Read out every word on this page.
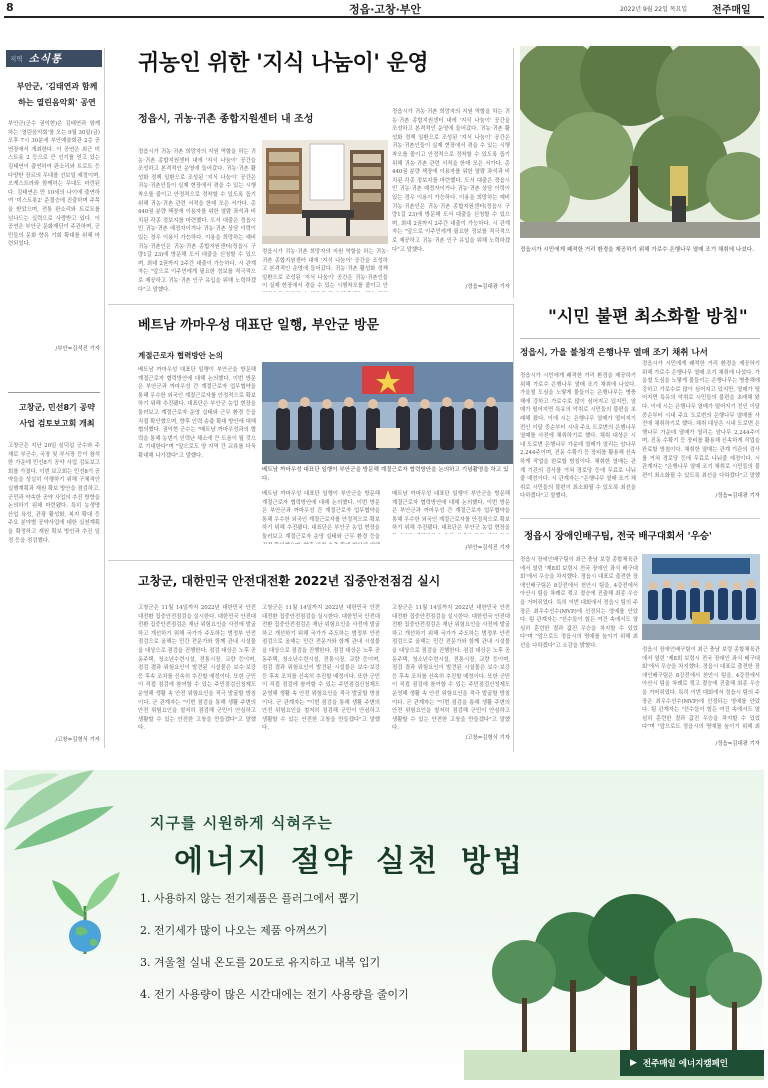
8	정읍·고창·부안	2022년 9월 22일 목요일 전주매일
지역 소식통
부안군, '김태연과 함께 하는 열린음악회' 공연
부안군(군수 권익현)은 김태연과 함께하는 '열린음악회'를 오는 9월 30일(금) 오후 7시 30분에 부안예술회관 2층 공연장에서 개최한다. 이 공연은 최근 미스트롯 2 등으로 큰 인기를 얻고 있는 김태연이 출연하여 판소리와 트로트 등 다양한 장르의 무대를 선보일 예정이며, 오케스트라와 함께하는 무대도 마련된다. 김태연은 만 10세의 나이에 출연하여 '미스트롯2' 준결승에 진출하며 주목을 받았으며, 전통 판소리와 트로트를 넘나드는 실력으로 사랑받고 있다. 이 공연은 부안군 문화재단이 주관하며, 군민들의 문화 향유 기회 확대를 위해 마련되었다.
/부안=김석진 기자
고창군, 민선8기 공약 사업 검토보고회 개최
고창군은 지난 20일 심덕섭 군수와 주재로 부군수, 국장 및 부서장 등이 참석한 가운데 민선8기 공약 사업 검토보고회를 가졌다. 이번 보고회는 민선8기 공약들을 성실히 이행하기 위해 구체적인 실행계획과 재원 확보 방안을 점검하고, 군민과 약속한 공약 사업의 추진 방향을 논의하기 위해 마련됐다. 특히 농생명 산업 육성, 관광 활성화, 복지 확대 등 주요 분야별 공약사업에 대한 실천계획을 확정하고 재원 확보 방안과 추진 일정 등을 점검했다.
/고창=김형식 기자
귀농인 위한 '지식 나눔이' 운영
정읍시, 귀농·귀촌 종합지원센터 내 조성
정읍시가 귀농·귀촌 희망자의 지원 역할을 하는 귀농·귀촌 종합지원센터 내에 '지식 나눔이' 공간을 조성하고 본격적인 운영에 들어갔다. 귀농·귀촌 활성화 정책 일환으로 조성된 '지식 나눔이' 공간은 귀농·귀촌인들이 실제 현장에서 겪을 수 있는 시행착오를 줄이고 안정적으로 정착할 수 있도록 돕기 위해 귀농·귀촌 관련 서적을 한데 모은 서가다. 총 440권 분량 책장에 이용자를 위한 열람 좌석과 비치된 각종 정보지를 마련했다. 도서 대출은 정읍시민 귀농·귀촌 예정자이거나 귀농·귀촌 상담 이력이 있는 경우 이용이 가능하다. 이용을 희망하는 예비귀농·귀촌인은 귀농·귀촌 종합지원센터(정읍시 구량1길 23)에 방문해 도서 대출을 신청할 수 있으며, 최대 2권까지 2주간 대출이 가능하다. 시 관계자는 "앞으로 이주민에게 필요한 정보를 적극적으로 제공하고 귀농·귀촌 인구 유입을 위해 노력하겠다"고 말했다.
정읍시가 귀농·귀촌 희망자의 지원 역할을 하는 귀농·귀촌 종합지원센터 내에 '지식 나눔이' 공간을 조성하고 본격적인 운영에 들어갔다. 귀농·귀촌 활성화 정책 일환으로 조성된 '지식 나눔이' 공간은 귀농·귀촌인들이 실제 현장에서 겪을 수 있는 시행착오를 줄이고 안
정읍시가 귀농·귀촌 희망자의 지원 역할을 하는 귀농·귀촌 종합지원센터 내에 '지식 나눔이' 공간을 조성하고 본격적인 운영에 들어갔다. 귀농·귀촌 활성화 정책 일환으로 조성된 '지식 나눔이' 공간은 귀농·귀촌인들이 실제 현장에서 겪을 수 있는 시행착오를 줄이고 안정적으로 정착할 수 있도록 돕기 위해 귀농·귀촌 관련 서적을 한데 모은 서가다. 총 440권 분량 책장에 이용자를 위한 열람 좌석과 비치된 각종 정보지를 마련했다. 도서 대출은 정읍시민 귀농·귀촌 예정자이거나 귀농·귀촌 상담 이력이 있는 경우 이용이 가능하다. 이용을 희망하는 예비귀농·귀촌인은 귀농·귀촌 종합지원센터(정읍시 구량1길 23)에 방문해 도서 대출을 신청할 수 있으며, 최대 2권까지 2주간 대출이 가능하다. 시 관계자는 "앞으로 이주민에게 필요한 정보를 적극적으로 제공하고 귀농·귀촌 인구 유입을 위해 노력하겠다"고 말했다.
/정읍=김대광 기자
정읍시가 시민에게 쾌적한 거리 환경을 제공하기 위해 가로수 은행나무 열매 조기 채취에 나섰다.
"시민 불편 최소화할 방침"
정읍시, 가을 불청객 은행나무 열매 조기 채취 나서
정읍시가 시민에게 쾌적한 거리 환경을 제공하기 위해 가로수 은행나무 열매 조기 채취에 나섰다. 가을철 도심을 노랗게 물들이는 은행나무는 병충해에 강하고 가로수로 많이 심어지고 있지만, 열매가 떨어지면 특유의 악취로 시민들의 불편을 초래해 왔다. 이에 시는 은행나무 열매가 떨어지기 전인 이달 중순부터 시내 주요 도로변의 은행나무 열매를 사전에 채취하기로 했다. 채취 대상은 시내 도로변 은행나무 가운데 열매가 열리는 암나무 2,244주이며, 진동 수확기 등 장비를 활용해 신속하게 작업을 완료할 방침이다. 채취한 열매는 관계 기관의 검사를 거쳐 경로당 등에 무료로 나눠줄 예정이다. 시 관계자는 "은행나무 열매 조기 채취로 시민들의 불편이 최소화될 수 있도록 최선을 다하겠다"고 말했다.
정읍시가 시민에게 쾌적한 거리 환경을 제공하기 위해 가로수 은행나무 열매 조기 채취에 나섰다. 가을철 도심을 노랗게 물들이는 은행나무는 병충해에 강하고 가로수로 많이 심어지고 있지만, 열매가 떨어지면 특유의 악취로 시민들의 불편을 초래해 왔다. 이에 시는 은행나무 열매가 떨어지기 전인 이달 중순부터 시내 주요 도로변의 은행나무 열매를 사전에 채취하기로 했다. 채취 대상은 시내 도로변 은행나무 가운데 열매가 열리는 암나무 2,244주이며, 진동 수확기 등 장비를 활용해 신속하게 작업을 완료할 방침이다. 채취한 열매는 관계 기관의 검사를 거쳐 경로당 등에 무료로 나눠줄 예정이다. 시 관계자는 "은행나무 열매 조기 채취로 시민들의 불편이 최소화될 수 있도록 최선을 다하겠다"고 말했
/정읍=김대광 기자
베트남 까마우성 대표단 일행, 부안군 방문
계절근로자 협력방안 논의
베트남 까마우성 대표단 일행이 부안군을 방문해 계절근로자 협력방안에 대해 논의했다. 이번 방문은 부안군과 까마우성 간 계절근로자 업무협약을 통해 우수한 외국인 계절근로자를 안정적으로 확보하기 위해 추진됐다. 대표단은 부안군 농업 현장을 둘러보고 계절근로자 운영 실태와 근무 환경 등을 직접 확인했으며, 향후 인력 송출 확대 방안에 대해 협의했다. 권익현 군수는 "베트남 까마우성과의 협력을 통해 농번기 인력난 해소에 큰 도움이 될 것으로 기대한다"며 "앞으로도 양 지역 간 교류를 더욱 확대해 나가겠다"고 말했다.
베트남 까마우성 대표단 일행이 부안군을 방문해 계절근로자 협력방안을 논의하고 기념촬영을 하고 있다.
베트남 까마우성 대표단 일행이 부안군을 방문해 계절근로자 협력방안에 대해 논의했다. 이번 방문은 부안군과 까마우성 간 계절근로자 업무협약을 통해 우수한 외국인 계절근로자를 안정적으로 확보하기 위해 추진됐다. 대표단은 부안군 농업 현장을 둘러보고 계절근로자 운영 실태와 근무 환경 등을
베트남 까마우성 대표단 일행이 부안군을 방문해 계절근로자 협력방안에 대해 논의했다. 이번 방문은 부안군과 까마우성 간 계절근로자 업무협약을 통해 우수한 외국인 계절근로자를 안정적으로 확보하기 위해 추진됐다. 대표단은 부안군 농업 현장을
/부안=김석진 기자
고창군, 대한민국 안전대전환 2022년 집중안전점검 실시
고창군은 11월 14일까지 2022년 대한민국 안전대전환 집중안전점검을 실시한다. 대한민국 안전대전환 집중안전점검은 재난 위험요인을 사전에 발굴하고 개선하기 위해 국가가 주도하는 범정부 안전점검으로 올해는 민간 전문가와 함께 관내 시설물을 대상으로 점검을 진행한다. 점검 대상은 노후 공동주택, 청소년수련시설, 전통시장, 교량 등이며, 점검 결과 위험요인이 발견된 시설물은 보수·보강 등 후속 조치를 신속히 추진할 예정이다. 또한 군민이 직접 점검에 참여할 수 있는 주민점검신청제도 운영해 생활 속 안전 위험요인을 적극 발굴할 방침이다. 군 관계자는 "이번 점검을 통해 생활 주변의 안전 위험요인을 철저히 점검해 군민이 안심하고 생활할 수 있는 안전한 고창을 만들겠다"고 말했다.
고창군은 11월 14일까지 2022년 대한민국 안전대전환 집중안전점검을 실시한다. 대한민국 안전대전환 집중안전점검은 재난 위험요인을 사전에 발굴하고 개선하기 위해 국가가 주도하는 범정부 안전점검으로 올해는 민간 전문가와 함께 관내 시설물을 대상으로 점검을 진행한다. 점검 대상은 노후 공동주택, 청소년수련시설, 전통시장, 교량 등이며, 점검 결과 위험요인이 발견된 시설물은 보수·보강 등 후속 조치를 신속히 추진할 예정이다. 또한 군민이 직접 점검에 참여할 수 있는 주민점검신청제도 운영해 생활 속 안전 위험요인을 적극 발굴할 방침이다. 군 관계자는 "이번 점검을 통해 생활 주변의 안전 위험요인을 철저히 점검해 군민이 안심하고 생활할 수 있는 안전한 고창을 만들겠다"고 말했다.
고창군은 11월 14일까지 2022년 대한민국 안전대전환 집중안전점검을 실시한다. 대한민국 안전대전환 집중안전점검은 재난 위험요인을 사전에 발굴하고 개선하기 위해 국가가 주도하는 범정부 안전점검으로 올해는 민간 전문가와 함께 관내 시설물을 대상으로 점검을 진행한다. 점검 대상은 노후 공동주택, 청소년수련시설, 전통시장, 교량 등이며, 점검 결과 위험요인이 발견된 시설물은 보수·보강 등 후속 조치를 신속히 추진할 예정이다. 또한 군민이 직접 점검에 참여할 수 있는 주민점검신청제도 운영해 생활 속 안전 위험요인을 적극 발굴할 방침이다. 군 관계자는 "이번 점검을 통해 생활 주변의 안전 위험요인을 철저히 점검해 군민이 안심하고 생활할 수 있는 안전한 고창을 만들겠다"고 말했다.
/고창=김형식 기자
정읍시 장애인배구팀, 전국 배구대회서 '우승'
정읍시 장애인배구팀이 최근 충남 보령 종합체육관에서 열린 '제8회 보령시 전국 장애인 좌식 배구대회'에서 우승을 차지했다. 정읍시 대표로 출전한 장애인배구팀은 8강전에서 천안시 팀을, 4강전에서 아산시 팀을 차례로 꺾고 결승에 진출해 최종 우승을 거머쥐었다. 특히 이번 대회에서 정읍시 팀의 주장은 최우수선수(MVP)에 선정되는 영예를 안았다. 팀 관계자는 "선수들이 힘든 여건 속에서도 열심히 훈련한 결과 값진 우승을 차지할 수 있었다"며 "앞으로도 정읍시의 명예를 높이기 위해 최선을 다하겠다"고 소감을 밝혔다.
정읍시 장애인배구팀이 최근 충남 보령 종합체육관에서 열린 '제8회 보령시 전국 장애인 좌식 배구대회'에서 우승을 차지했다. 정읍시 대표로 출전한 장애인배구팀은 8강전에서 천안시 팀을, 4강전에서 아산시 팀을 차례로 꺾고 결승에 진출해 최종 우승을 거머쥐었다. 특히 이번 대회에서 정읍시 팀의 주장은 최우수선수(MVP)에 선정되는 영예를 안았다. 팀 관계자는 "선수들이 힘든 여건 속에서도 열심히 훈련한 결과 값진 우승을 차지할 수 있었다"며 "앞으로도 정읍시의 명예를 높이기 위해 최
/정읍=김대광 기자
지구를 시원하게 식혀주는
에너지 절약 실천 방법
1. 사용하지 않는 전기제품은 플러그에서 뽑기
2. 전기세가 많이 나오는 제품 아껴쓰기
3. 겨울철 실내 온도를 20도로 유지하고 내복 입기
4. 전기 사용량이 많은 시간대에는 전기 사용량을 줄이기
▶ 전주매일 에너지캠페인
